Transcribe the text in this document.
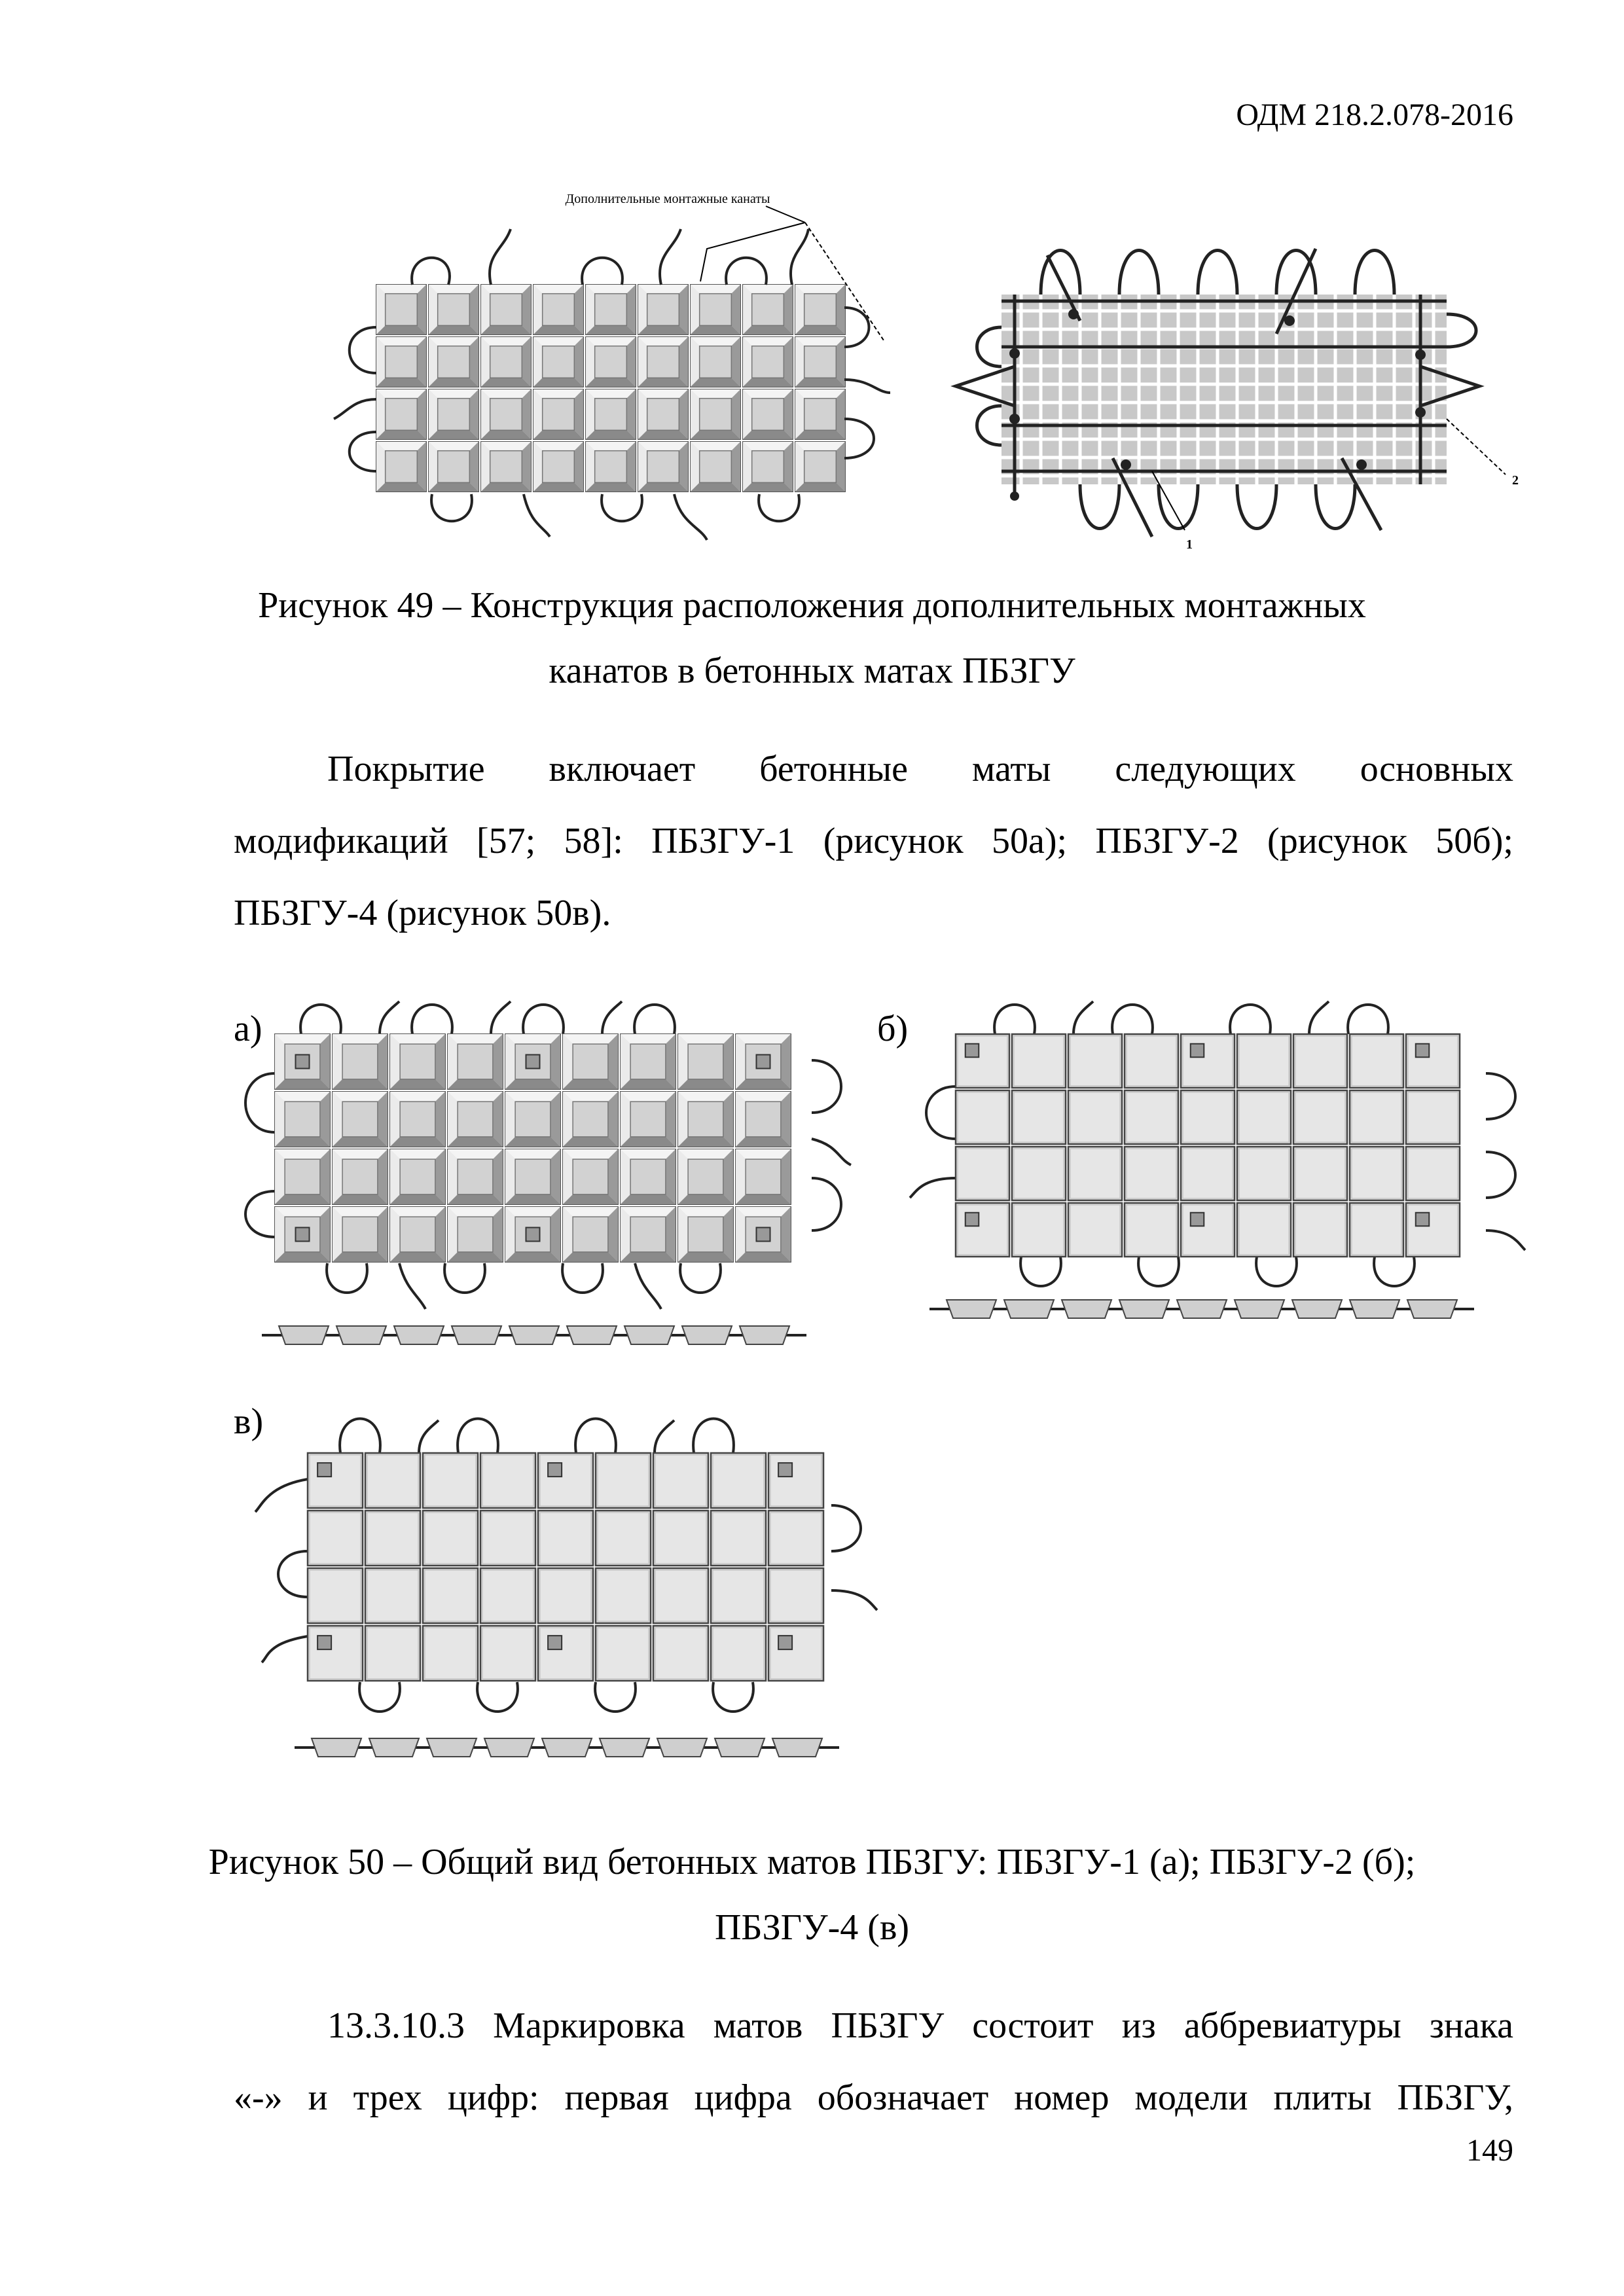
ОДМ 218.2.078-2016
Дополнительные монтажные канаты
1
2
Рисунок 49 – Конструкция расположения дополнительных монтажных
канатов в бетонных матах ПБЗГУ
Покрытие включает бетонные маты следующих основных
модификаций [57; 58]: ПБЗГУ-1 (рисунок 50а); ПБЗГУ-2 (рисунок 50б);
ПБЗГУ-4 (рисунок 50в).
а)	б)
в)
Рисунок 50 – Общий вид бетонных матов ПБЗГУ: ПБЗГУ-1 (а); ПБЗГУ-2 (б);
ПБЗГУ-4 (в)
13.3.10.3 Маркировка матов ПБЗГУ состоит из аббревиатуры знака
«-» и трех цифр: первая цифра обозначает номер модели плиты ПБЗГУ,
149
